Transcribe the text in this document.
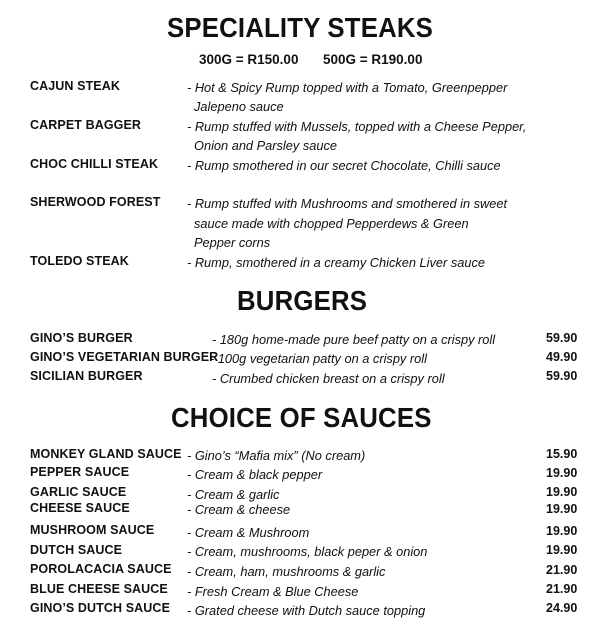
SPECIALITY STEAKS
300G = R150.00 500G = R190.00
CAJUN STEAK	- Hot & Spicy Rump topped with a Tomato, Greenpepper
Jalepeno sauce
CARPET BAGGER	- Rump stuffed with Mussels, topped with a Cheese Pepper,
Onion and Parsley sauce
CHOC CHILLI STEAK - Rump smothered in our secret Chocolate, Chilli sauce
SHERWOOD FOREST - Rump stuffed with Mushrooms and smothered in sweet
sauce made with chopped Pepperdews & Green
Pepper corns
TOLEDO STEAK	- Rump, smothered in a creamy Chicken Liver sauce
BURGERS
GINO’S BURGER	- 180g home-made pure beef patty on a crispy roll	59.90
GINO’S VEGETARIAN BURGER
- 100g vegetarian patty on a crispy roll	49.90
SICILIAN BURGER	- Crumbed chicken breast on a crispy roll	59.90
CHOICE OF SAUCES
MONKEY GLAND SAUCE - Gino’s “Mafia mix” (No cream)	15.90
PEPPER SAUCE	- Cream & black pepper	19.90
GARLIC SAUCE	- Cream & garlic	19.90
CHEESE SAUCE	- Cream & cheese	19.90
MUSHROOM SAUCE	- Cream & Mushroom	19.90
DUTCH SAUCE	- Cream, mushrooms, black peper & onion	19.90
POROLACACIA SAUCE - Cream, ham, mushrooms & garlic	21.90
BLUE CHEESE SAUCE - Fresh Cream & Blue Cheese	21.90
GINO’S DUTCH SAUCE - Grated cheese with Dutch sauce topping	24.90
